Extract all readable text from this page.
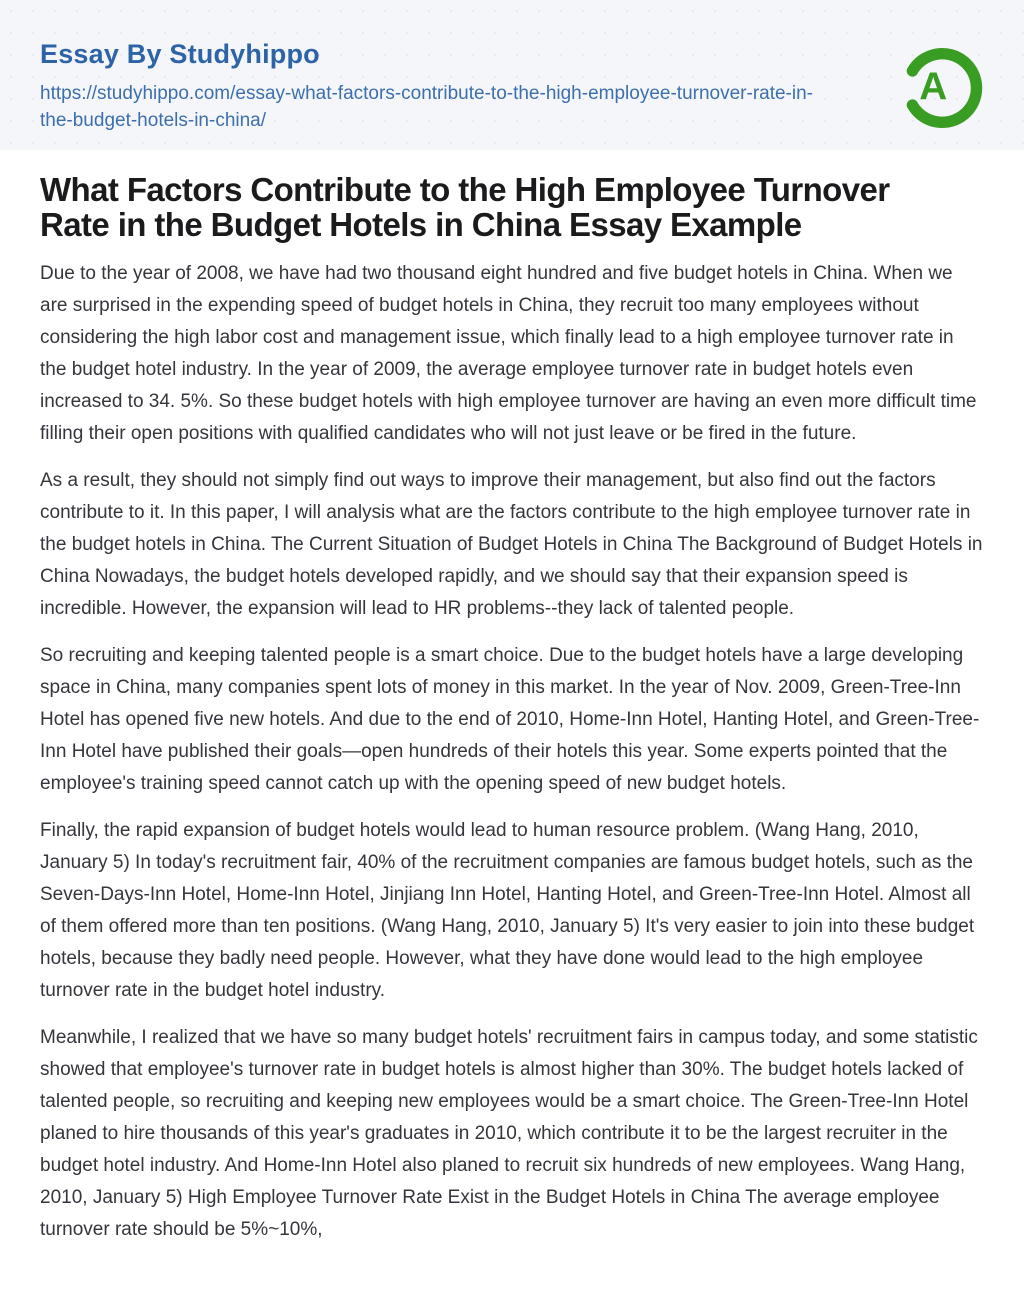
Essay By Studyhippo
https://studyhippo.com/essay-what-factors-contribute-to-the-high-employee-turnover-rate-in-the-budget-hotels-in-china/
A
What Factors Contribute to the High Employee Turnover Rate in the Budget Hotels in China Essay Example

Due to the year of 2008, we have had two thousand eight hundred and five budget hotels in China. When we are surprised in the expending speed of budget hotels in China, they recruit too many employees without considering the high labor cost and management issue, which finally lead to a high employee turnover rate in the budget hotel industry. In the year of 2009, the average employee turnover rate in budget hotels even increased to 34. 5%. So these budget hotels with high employee turnover are having an even more difficult time filling their open positions with qualified candidates who will not just leave or be fired in the future.

As a result, they should not simply find out ways to improve their management, but also find out the factors contribute to it. In this paper, I will analysis what are the factors contribute to the high employee turnover rate in the budget hotels in China. The Current Situation of Budget Hotels in China The Background of Budget Hotels in China Nowadays, the budget hotels developed rapidly, and we should say that their expansion speed is incredible. However, the expansion will lead to HR problems--they lack of talented people.

So recruiting and keeping talented people is a smart choice. Due to the budget hotels have a large developing space in China, many companies spent lots of money in this market. In the year of Nov. 2009, Green-Tree-Inn Hotel has opened five new hotels. And due to the end of 2010, Home-Inn Hotel, Hanting Hotel, and Green-Tree-Inn Hotel have published their goals—open hundreds of their hotels this year. Some experts pointed that the employee's training speed cannot catch up with the opening speed of new budget hotels.

Finally, the rapid expansion of budget hotels would lead to human resource problem. (Wang Hang, 2010, January 5) In today's recruitment fair, 40% of the recruitment companies are famous budget hotels, such as the Seven-Days-Inn Hotel, Home-Inn Hotel, Jinjiang Inn Hotel, Hanting Hotel, and Green-Tree-Inn Hotel. Almost all of them offered more than ten positions. (Wang Hang, 2010, January 5) It's very easier to join into these budget hotels, because they badly need people. However, what they have done would lead to the high employee turnover rate in the budget hotel industry.

Meanwhile, I realized that we have so many budget hotels' recruitment fairs in campus today, and some statistic showed that employee's turnover rate in budget hotels is almost higher than 30%. The budget hotels lacked of talented people, so recruiting and keeping new employees would be a smart choice. The Green-Tree-Inn Hotel planed to hire thousands of this year's graduates in 2010, which contribute it to be the largest recruiter in the budget hotel industry. And Home-Inn Hotel also planed to recruit six hundreds of new employees. Wang Hang, 2010, January 5) High Employee Turnover Rate Exist in the Budget Hotels in China The average employee turnover rate should be 5%~10%,
